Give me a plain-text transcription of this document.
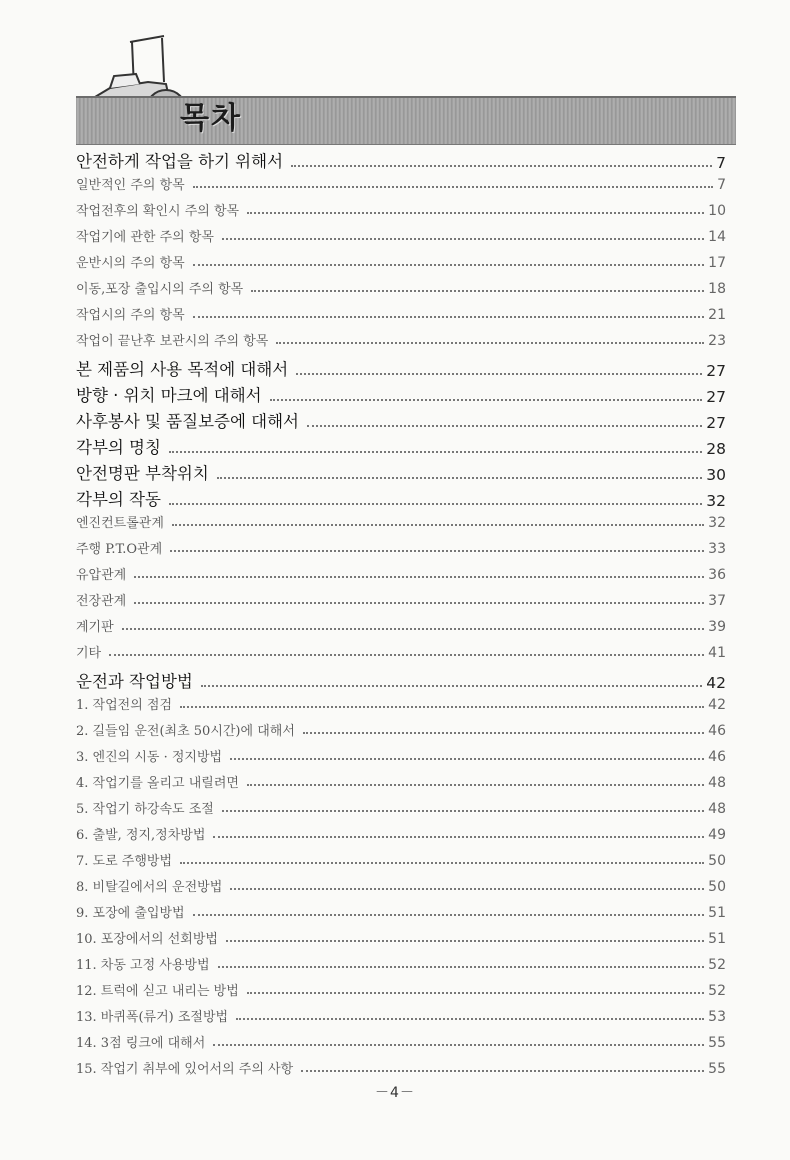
목차
안전하게 작업을 하기 위해서	7
일반적인 주의 항목	7
작업전후의 확인시 주의 항목	10
작업기에 관한 주의 항목	14
운반시의 주의 항목	17
이동,포장 출입시의 주의 항목	18
작업시의 주의 항목	21
작업이 끝난후 보관시의 주의 항목	23
본 제품의 사용 목적에 대해서	27
방향 · 위치 마크에 대해서	27
사후봉사 및 품질보증에 대해서	27
각부의 명칭	28
안전명판 부착위치	30
각부의 작동	32
엔진컨트롤관계	32
주행 P.T.O관계	33
유압관계	36
전장관계	37
계기판	39
기타	41
운전과 작업방법	42
1. 작업전의 점검	42
2. 길들임 운전(최초 50시간)에 대해서	46
3. 엔진의 시동 · 정지방법	46
4. 작업기를 올리고 내릴려면	48
5. 작업기 하강속도 조절	48
6. 출발, 정지,정차방법	49
7. 도로 주행방법	50
8. 비탈길에서의 운전방법	50
9. 포장에 출입방법	51
10. 포장에서의 선회방법	51
11. 차동 고정 사용방법	52
12. 트럭에 싣고 내리는 방법	52
13. 바퀴폭(류거) 조절방법	53
14. 3점 링크에 대해서	55
15. 작업기 취부에 있어서의 주의 사항	55
－4－
